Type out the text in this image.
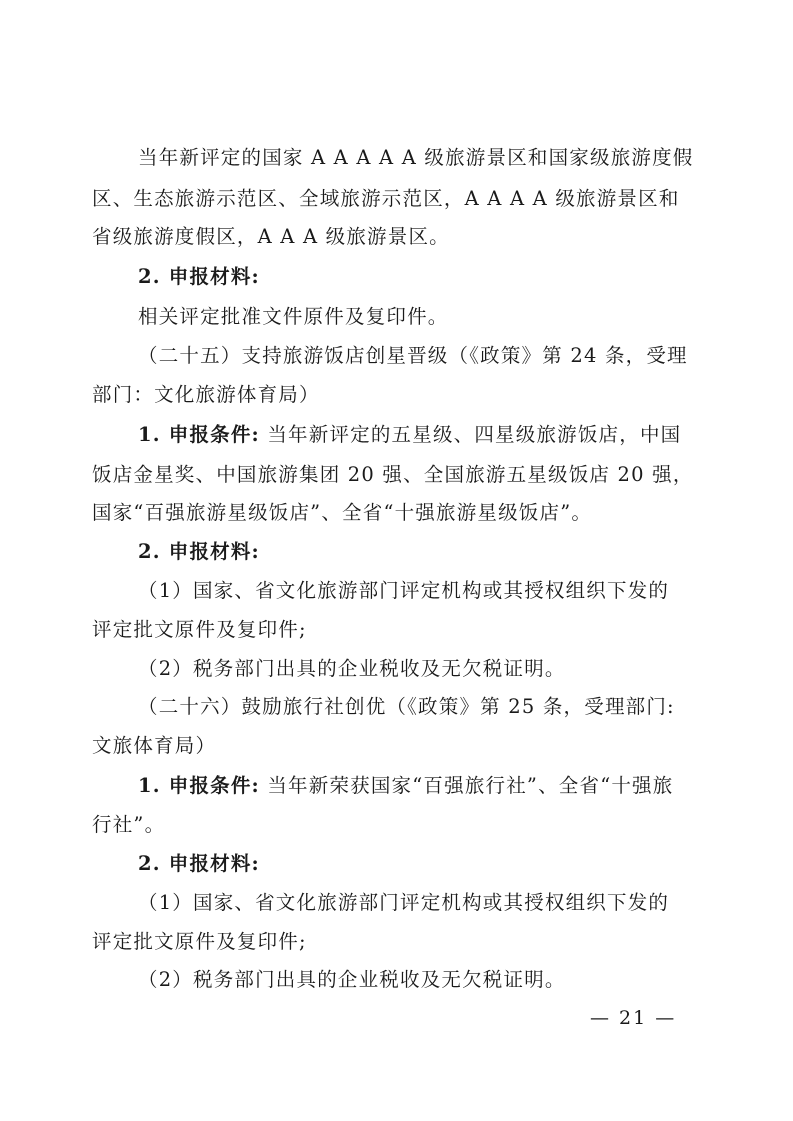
当年新评定的国家 A A A A A 级旅游景区和国家级旅游度假
区、生态旅游示范区、全域旅游示范区，A A A A 级旅游景区和
省级旅游度假区，A A A 级旅游景区。
2. 申报材料:
相关评定批准文件原件及复印件。
（二十五）支持旅游饭店创星晋级（《政策》第 24 条，受理
部门：文化旅游体育局）
1. 申报条件: 当年新评定的五星级、四星级旅游饭店，中国
饭店金星奖、中国旅游集团 20 强、全国旅游五星级饭店 20 强，
国家“百强旅游星级饭店”、全省“十强旅游星级饭店”。
2. 申报材料:
（1）国家、省文化旅游部门评定机构或其授权组织下发的
评定批文原件及复印件;
（2）税务部门出具的企业税收及无欠税证明。
（二十六）鼓励旅行社创优（《政策》第 25 条，受理部门:
文旅体育局）
1. 申报条件: 当年新荣获国家“百强旅行社”、全省“十强旅
行社”。
2. 申报材料:
（1）国家、省文化旅游部门评定机构或其授权组织下发的
评定批文原件及复印件;
（2）税务部门出具的企业税收及无欠税证明。
— 21 —
